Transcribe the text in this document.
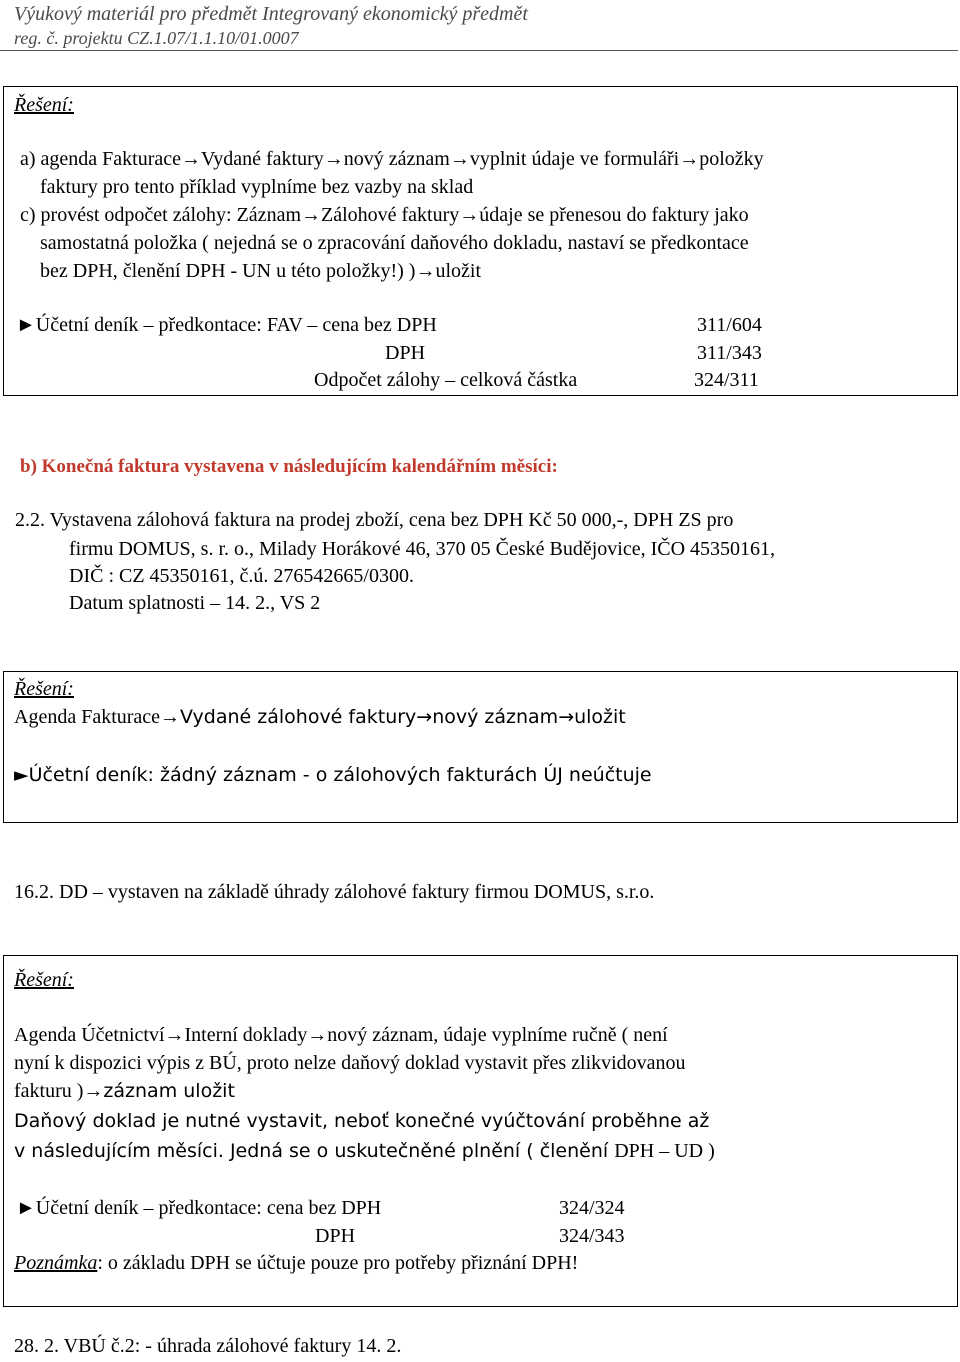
Výukový materiál pro předmět Integrovaný ekonomický předmět
reg. č. projektu CZ.1.07/1.1.10/01.0007
Řešení:
a) agenda Fakturace→Vydané faktury→nový záznam→vyplnit údaje ve formuláři→položky
faktury pro tento příklad vyplníme bez vazby na sklad
c) provést odpočet zálohy: Záznam→Zálohové faktury→údaje se přenesou do faktury jako
samostatná položka ( nejedná se o zpracování daňového dokladu, nastaví se předkontace
bez DPH, členění DPH - UN u této položky!) )→uložit
►Účetní deník – předkontace: FAV – cena bez DPH	311/604
DPH	311/343
Odpočet zálohy – celková částka	324/311
b) Konečná faktura vystavena v následujícím kalendářním měsíci:
2.2. Vystavena zálohová faktura na prodej zboží, cena bez DPH Kč 50 000,-, DPH ZS pro
firmu DOMUS, s. r. o., Milady Horákové 46, 370 05 České Budějovice, IČO 45350161,
DIČ : CZ 45350161, č.ú. 276542665/0300.
Datum splatnosti – 14. 2., VS 2
Řešení:
Agenda Fakturace→Vydané zálohové faktury→nový záznam→uložit
►Účetní deník: žádný záznam - o zálohových fakturách ÚJ neúčtuje
16.2. DD – vystaven na základě úhrady zálohové faktury firmou DOMUS, s.r.o.
Řešení:
Agenda Účetnictví→Interní doklady→nový záznam, údaje vyplníme ručně ( není
nyní k dispozici výpis z BÚ, proto nelze daňový doklad vystavit přes zlikvidovanou
fakturu )→záznam uložit
Daňový doklad je nutné vystavit, neboť konečné vyúčtování proběhne až
v následujícím měsíci. Jedná se o uskutečněné plnění ( členění DPH – UD )
►Účetní deník – předkontace: cena bez DPH	324/324
DPH	324/343
Poznámka: o základu DPH se účtuje pouze pro potřeby přiznání DPH!
28. 2. VBÚ č.2: - úhrada zálohové faktury 14. 2.
